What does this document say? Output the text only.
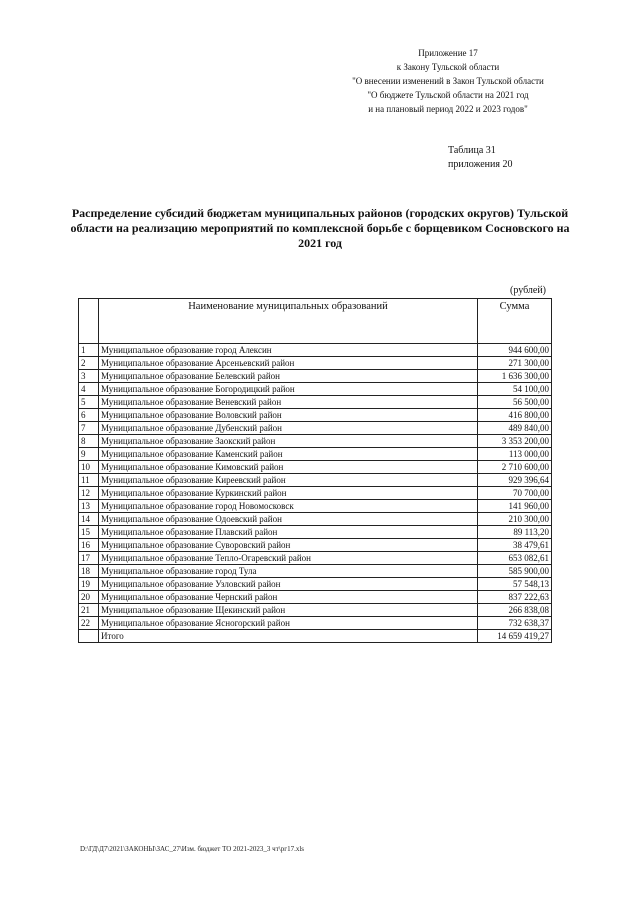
Приложение 17
к Закону Тульской области
"О внесении изменений в Закон Тульской области
"О бюджете Тульской области на 2021 год
и на плановый период 2022 и 2023 годов"
Таблица 31
приложения 20
Распределение субсидий бюджетам муниципальных районов (городских округов) Тульской области на реализацию мероприятий по комплексной борьбе с борщевиком Сосновского на 2021 год
(рублей)
	Наименование муниципальных образований	Сумма
1	Муниципальное образование город Алексин	944 600,00
2	Муниципальное образование Арсеньевский район	271 300,00
3	Муниципальное образование Белевский район	1 636 300,00
4	Муниципальное образование Богородицкий район	54 100,00
5	Муниципальное образование Веневский район	56 500,00
6	Муниципальное образование Воловский район	416 800,00
7	Муниципальное образование Дубенский район	489 840,00
8	Муниципальное образование Заокский район	3 353 200,00
9	Муниципальное образование Каменский район	113 000,00
10	Муниципальное образование Кимовский район	2 710 600,00
11	Муниципальное образование Киреевский район	929 396,64
12	Муниципальное образование Куркинский район	70 700,00
13	Муниципальное образование город Новомосковск	141 960,00
14	Муниципальное образование Одоевский район	210 300,00
15	Муниципальное образование Плавский район	89 113,20
16	Муниципальное образование Суворовский район	38 479,61
17	Муниципальное образование Тепло-Огаревский район	653 082,61
18	Муниципальное образование город Тула	585 900,00
19	Муниципальное образование Узловский район	57 548,13
20	Муниципальное образование Чернский район	837 222,63
21	Муниципальное образование Щекинский район	266 838,08
22	Муниципальное образование Ясногорский район	732 638,37
	Итого	14 659 419,27
D:\ГД\Д7\2021\ЗАКОНЫ\ЗАС_27\Изм. бюджет ТО 2021-2023_3 чт\рг17.xls
